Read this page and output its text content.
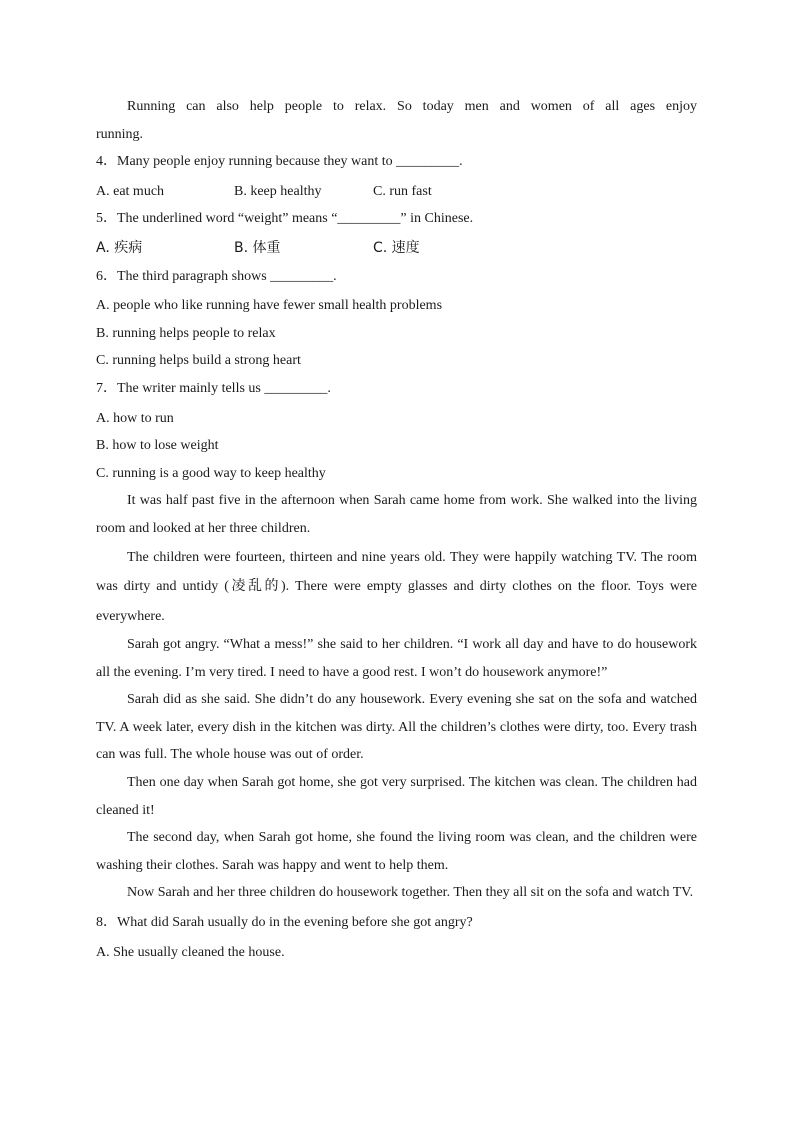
Running can also help people to relax. So today men and women of all ages enjoy
running.
4．Many people enjoy running because they want to _________.
A. eat much	B. keep healthy	C. run fast
5．The underlined word “weight” means “_________” in Chinese.
A. 疾病	B. 体重	C. 速度
6．The third paragraph shows _________.
A. people who like running have fewer small health problems
B. running helps people to relax
C. running helps build a strong heart
7．The writer mainly tells us _________.
A. how to run
B. how to lose weight
C. running is a good way to keep healthy
It was half past five in the afternoon when Sarah came home from work. She walked into the living room and looked at her three children.
The children were fourteen, thirteen and nine years old. They were happily watching TV. The room was dirty and untidy (凌乱的). There were empty glasses and dirty clothes on the floor. Toys were everywhere.
Sarah got angry. “What a mess!” she said to her children. “I work all day and have to do housework all the evening. I’m very tired. I need to have a good rest. I won’t do housework anymore!”
Sarah did as she said. She didn’t do any housework. Every evening she sat on the sofa and watched TV. A week later, every dish in the kitchen was dirty. All the children’s clothes were dirty, too. Every trash can was full. The whole house was out of order.
Then one day when Sarah got home, she got very surprised. The kitchen was clean. The children had cleaned it!
The second day, when Sarah got home, she found the living room was clean, and the children were washing their clothes. Sarah was happy and went to help them.
Now Sarah and her three children do housework together. Then they all sit on the sofa and watch TV.
8．What did Sarah usually do in the evening before she got angry?
A. She usually cleaned the house.
